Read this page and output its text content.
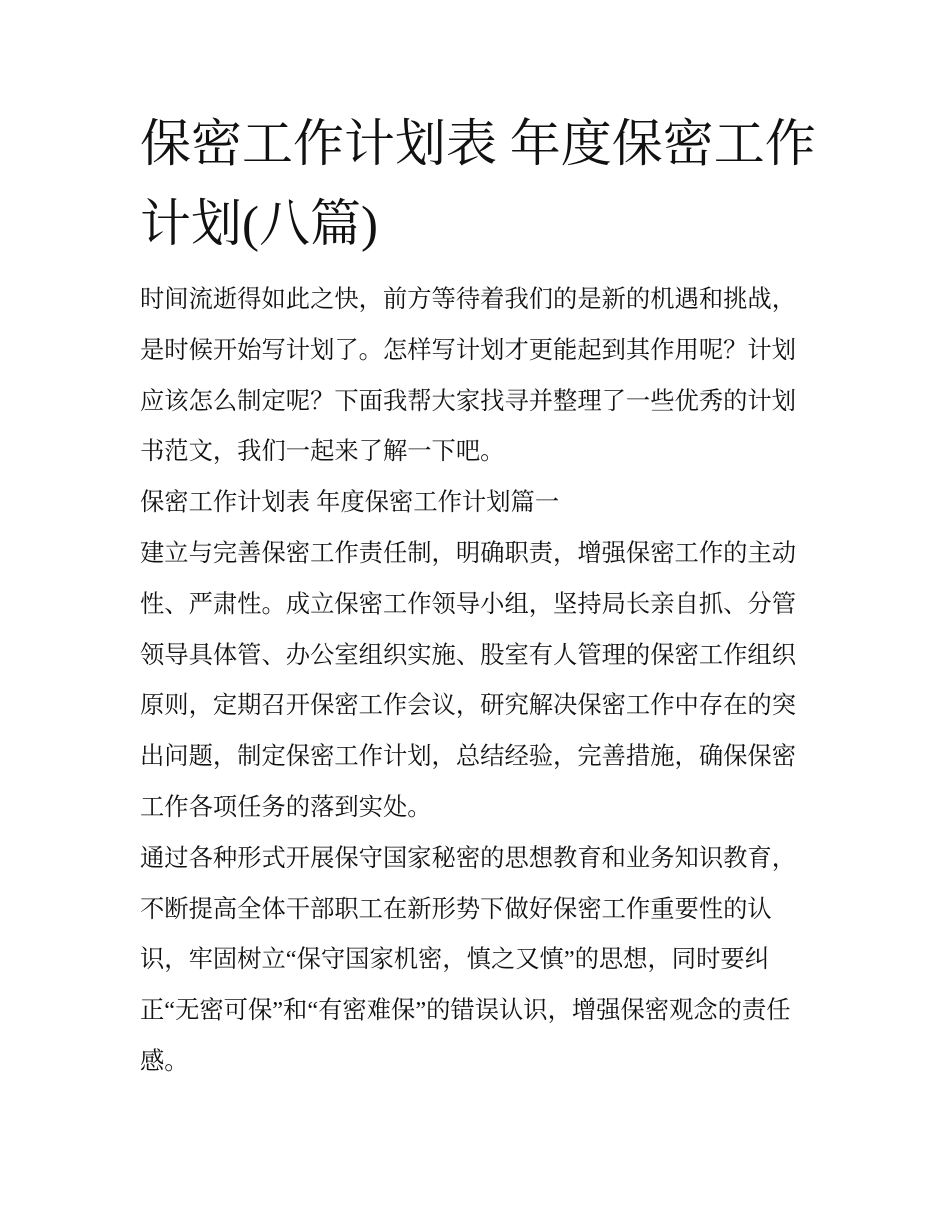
保密工作计划表 年度保密工作
计划(八篇)
时间流逝得如此之快，前方等待着我们的是新的机遇和挑战，
是时候开始写计划了。怎样写计划才更能起到其作用呢？计划
应该怎么制定呢？下面我帮大家找寻并整理了一些优秀的计划
书范文，我们一起来了解一下吧。
保密工作计划表 年度保密工作计划篇一
建立与完善保密工作责任制，明确职责，增强保密工作的主动
性、严肃性。成立保密工作领导小组，坚持局长亲自抓、分管
领导具体管、办公室组织实施、股室有人管理的保密工作组织
原则，定期召开保密工作会议，研究解决保密工作中存在的突
出问题，制定保密工作计划，总结经验，完善措施，确保保密
工作各项任务的落到实处。
通过各种形式开展保守国家秘密的思想教育和业务知识教育，
不断提高全体干部职工在新形势下做好保密工作重要性的认
识，牢固树立“保守国家机密，慎之又慎”的思想，同时要纠
正“无密可保”和“有密难保”的错误认识，增强保密观念的责任
感。
